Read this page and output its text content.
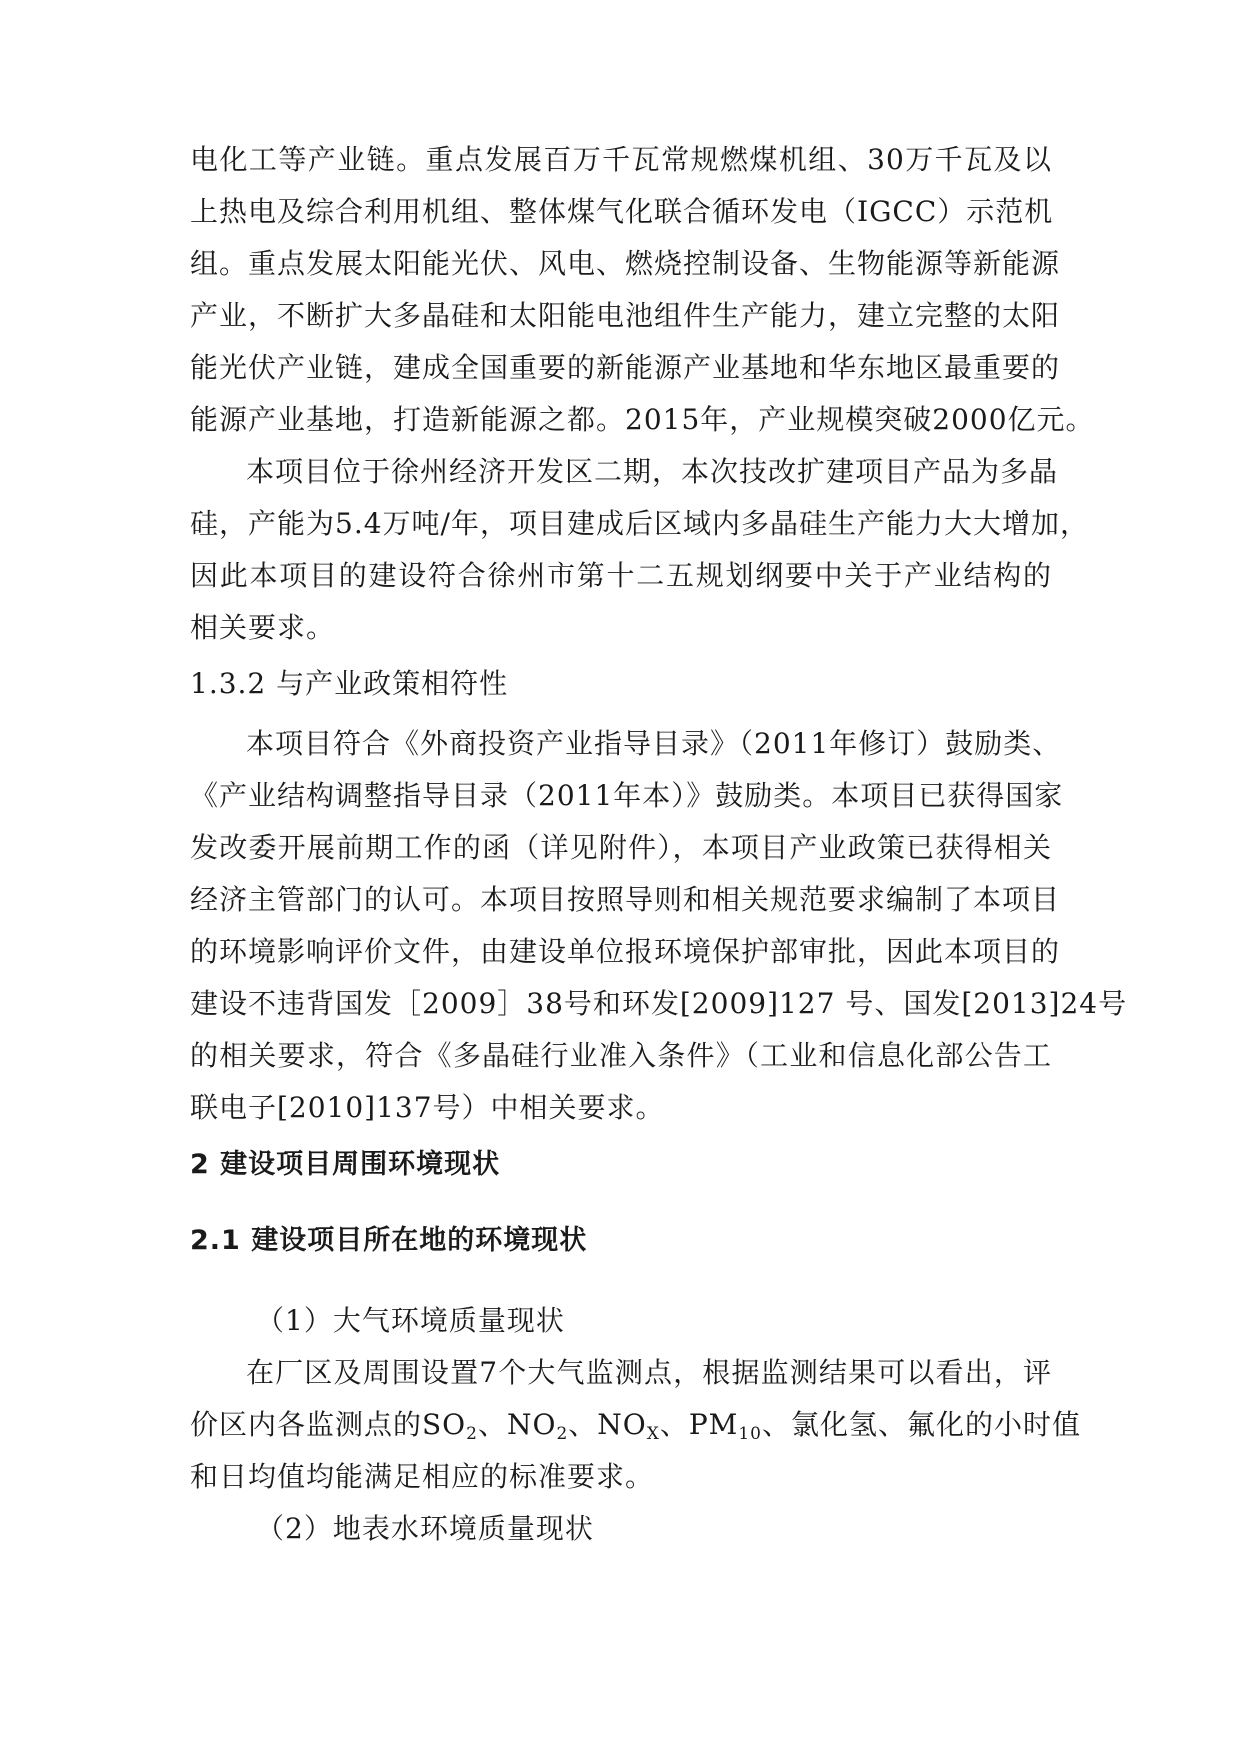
电化工等产业链。重点发展百万千瓦常规燃煤机组、30万千瓦及以
上热电及综合利用机组、整体煤气化联合循环发电（IGCC）示范机
组。重点发展太阳能光伏、风电、燃烧控制设备、生物能源等新能源
产业，不断扩大多晶硅和太阳能电池组件生产能力，建立完整的太阳
能光伏产业链，建成全国重要的新能源产业基地和华东地区最重要的
能源产业基地，打造新能源之都。2015年，产业规模突破2000亿元。
本项目位于徐州经济开发区二期，本次技改扩建项目产品为多晶
硅，产能为5.4万吨/年，项目建成后区域内多晶硅生产能力大大增加，
因此本项目的建设符合徐州市第十二五规划纲要中关于产业结构的
相关要求。
1.3.2 与产业政策相符性
本项目符合《外商投资产业指导目录》（2011年修订）鼓励类、
《产业结构调整指导目录（2011年本）》鼓励类。本项目已获得国家
发改委开展前期工作的函（详见附件），本项目产业政策已获得相关
经济主管部门的认可。本项目按照导则和相关规范要求编制了本项目
的环境影响评价文件，由建设单位报环境保护部审批，因此本项目的
建设不违背国发［2009］38号和环发[2009]127 号、国发[2013]24号
的相关要求，符合《多晶硅行业准入条件》（工业和信息化部公告工
联电子[2010]137号）中相关要求。
2 建设项目周围环境现状
2.1 建设项目所在地的环境现状
（1）大气环境质量现状
在厂区及周围设置7个大气监测点，根据监测结果可以看出，评
价区内各监测点的$SO_2$、$NO_2$、$NO_X$、$PM_{10}$、氯化氢、氟化的小时值
和日均值均能满足相应的标准要求。
（2）地表水环境质量现状
